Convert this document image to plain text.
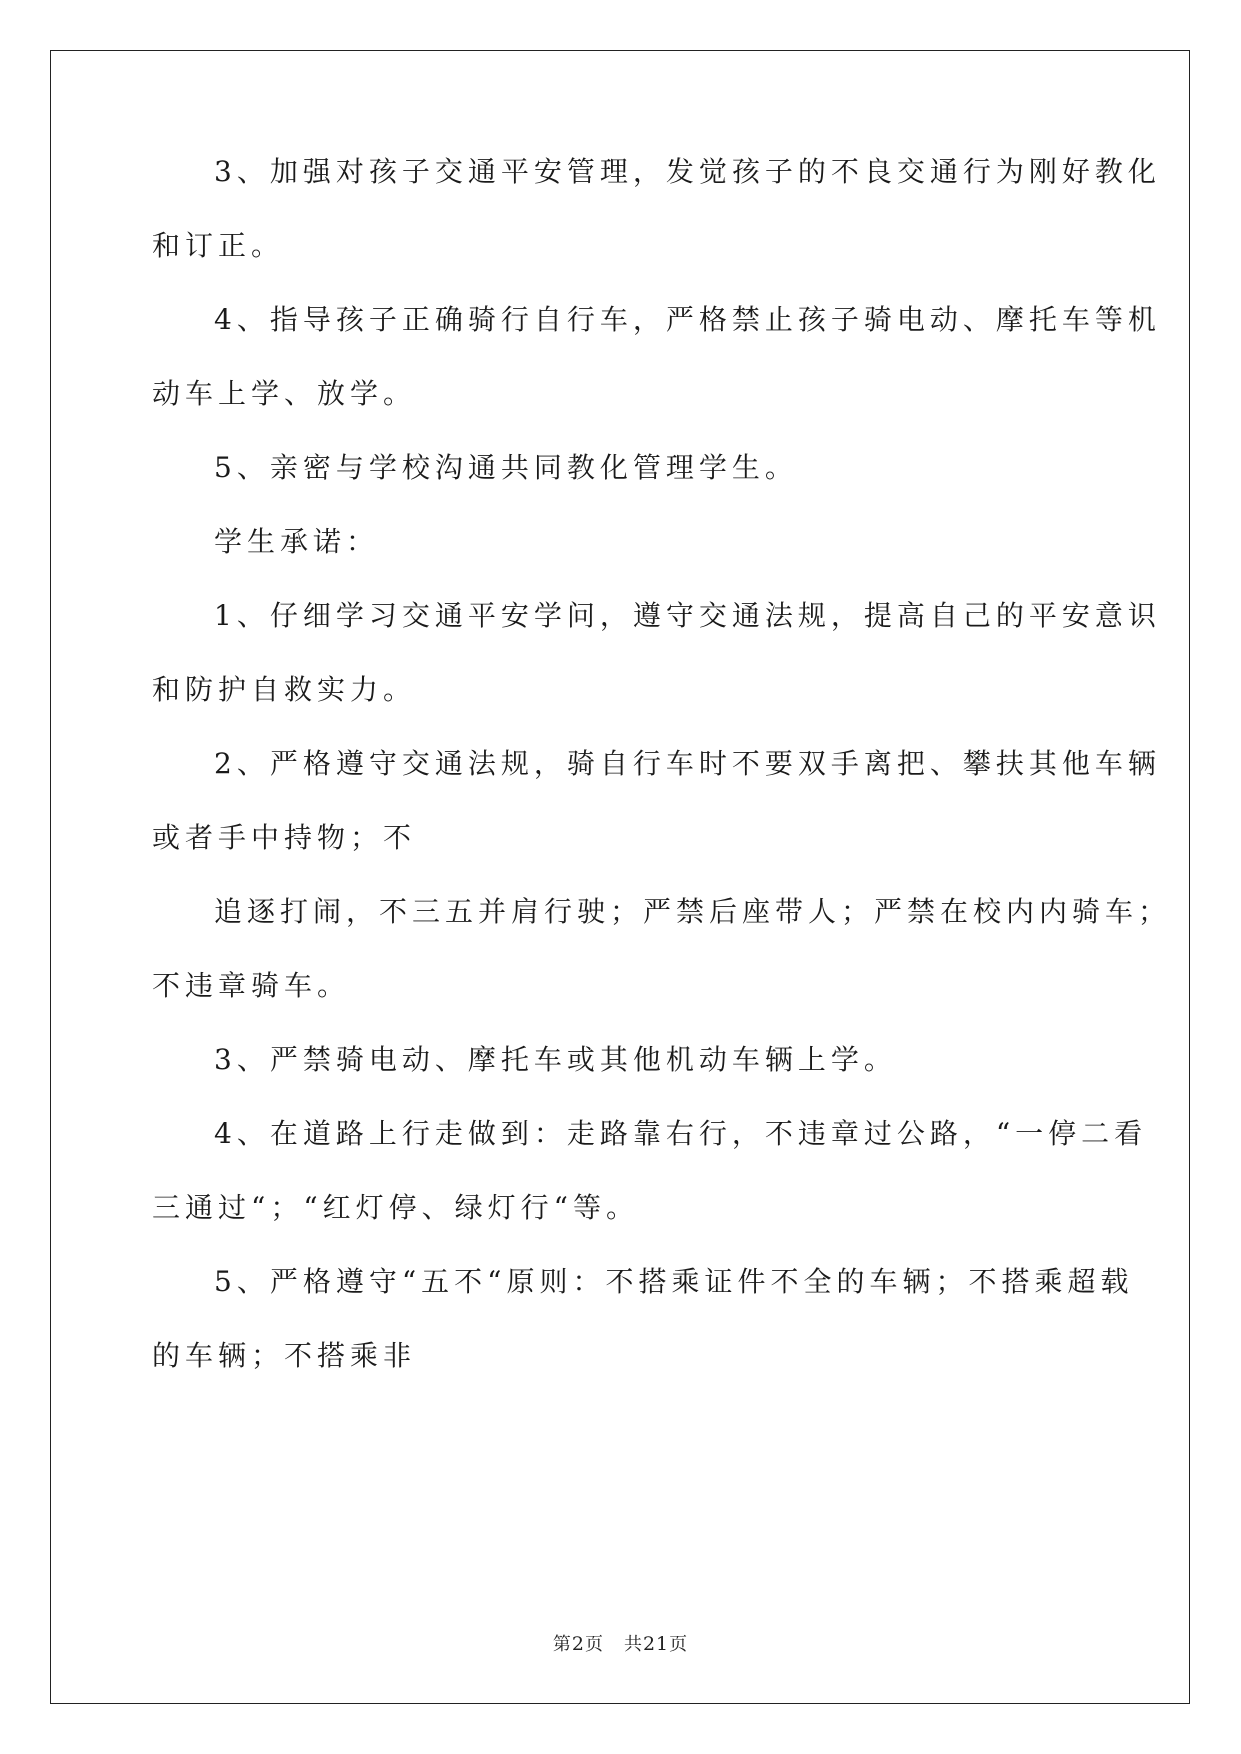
3、加强对孩子交通平安管理，发觉孩子的不良交通行为刚好教化
和订正。
4、指导孩子正确骑行自行车，严格禁止孩子骑电动、摩托车等机
动车上学、放学。
5、亲密与学校沟通共同教化管理学生。
学生承诺：
1、仔细学习交通平安学问，遵守交通法规，提高自己的平安意识
和防护自救实力。
2、严格遵守交通法规，骑自行车时不要双手离把、攀扶其他车辆
或者手中持物；不
追逐打闹，不三五并肩行驶；严禁后座带人；严禁在校内内骑车；
不违章骑车。
3、严禁骑电动、摩托车或其他机动车辆上学。
4、在道路上行走做到：走路靠右行，不违章过公路，“一停二看
三通过“；“红灯停、绿灯行“等。
5、严格遵守“五不“原则：不搭乘证件不全的车辆；不搭乘超载
的车辆；不搭乘非
第2页 共21页
